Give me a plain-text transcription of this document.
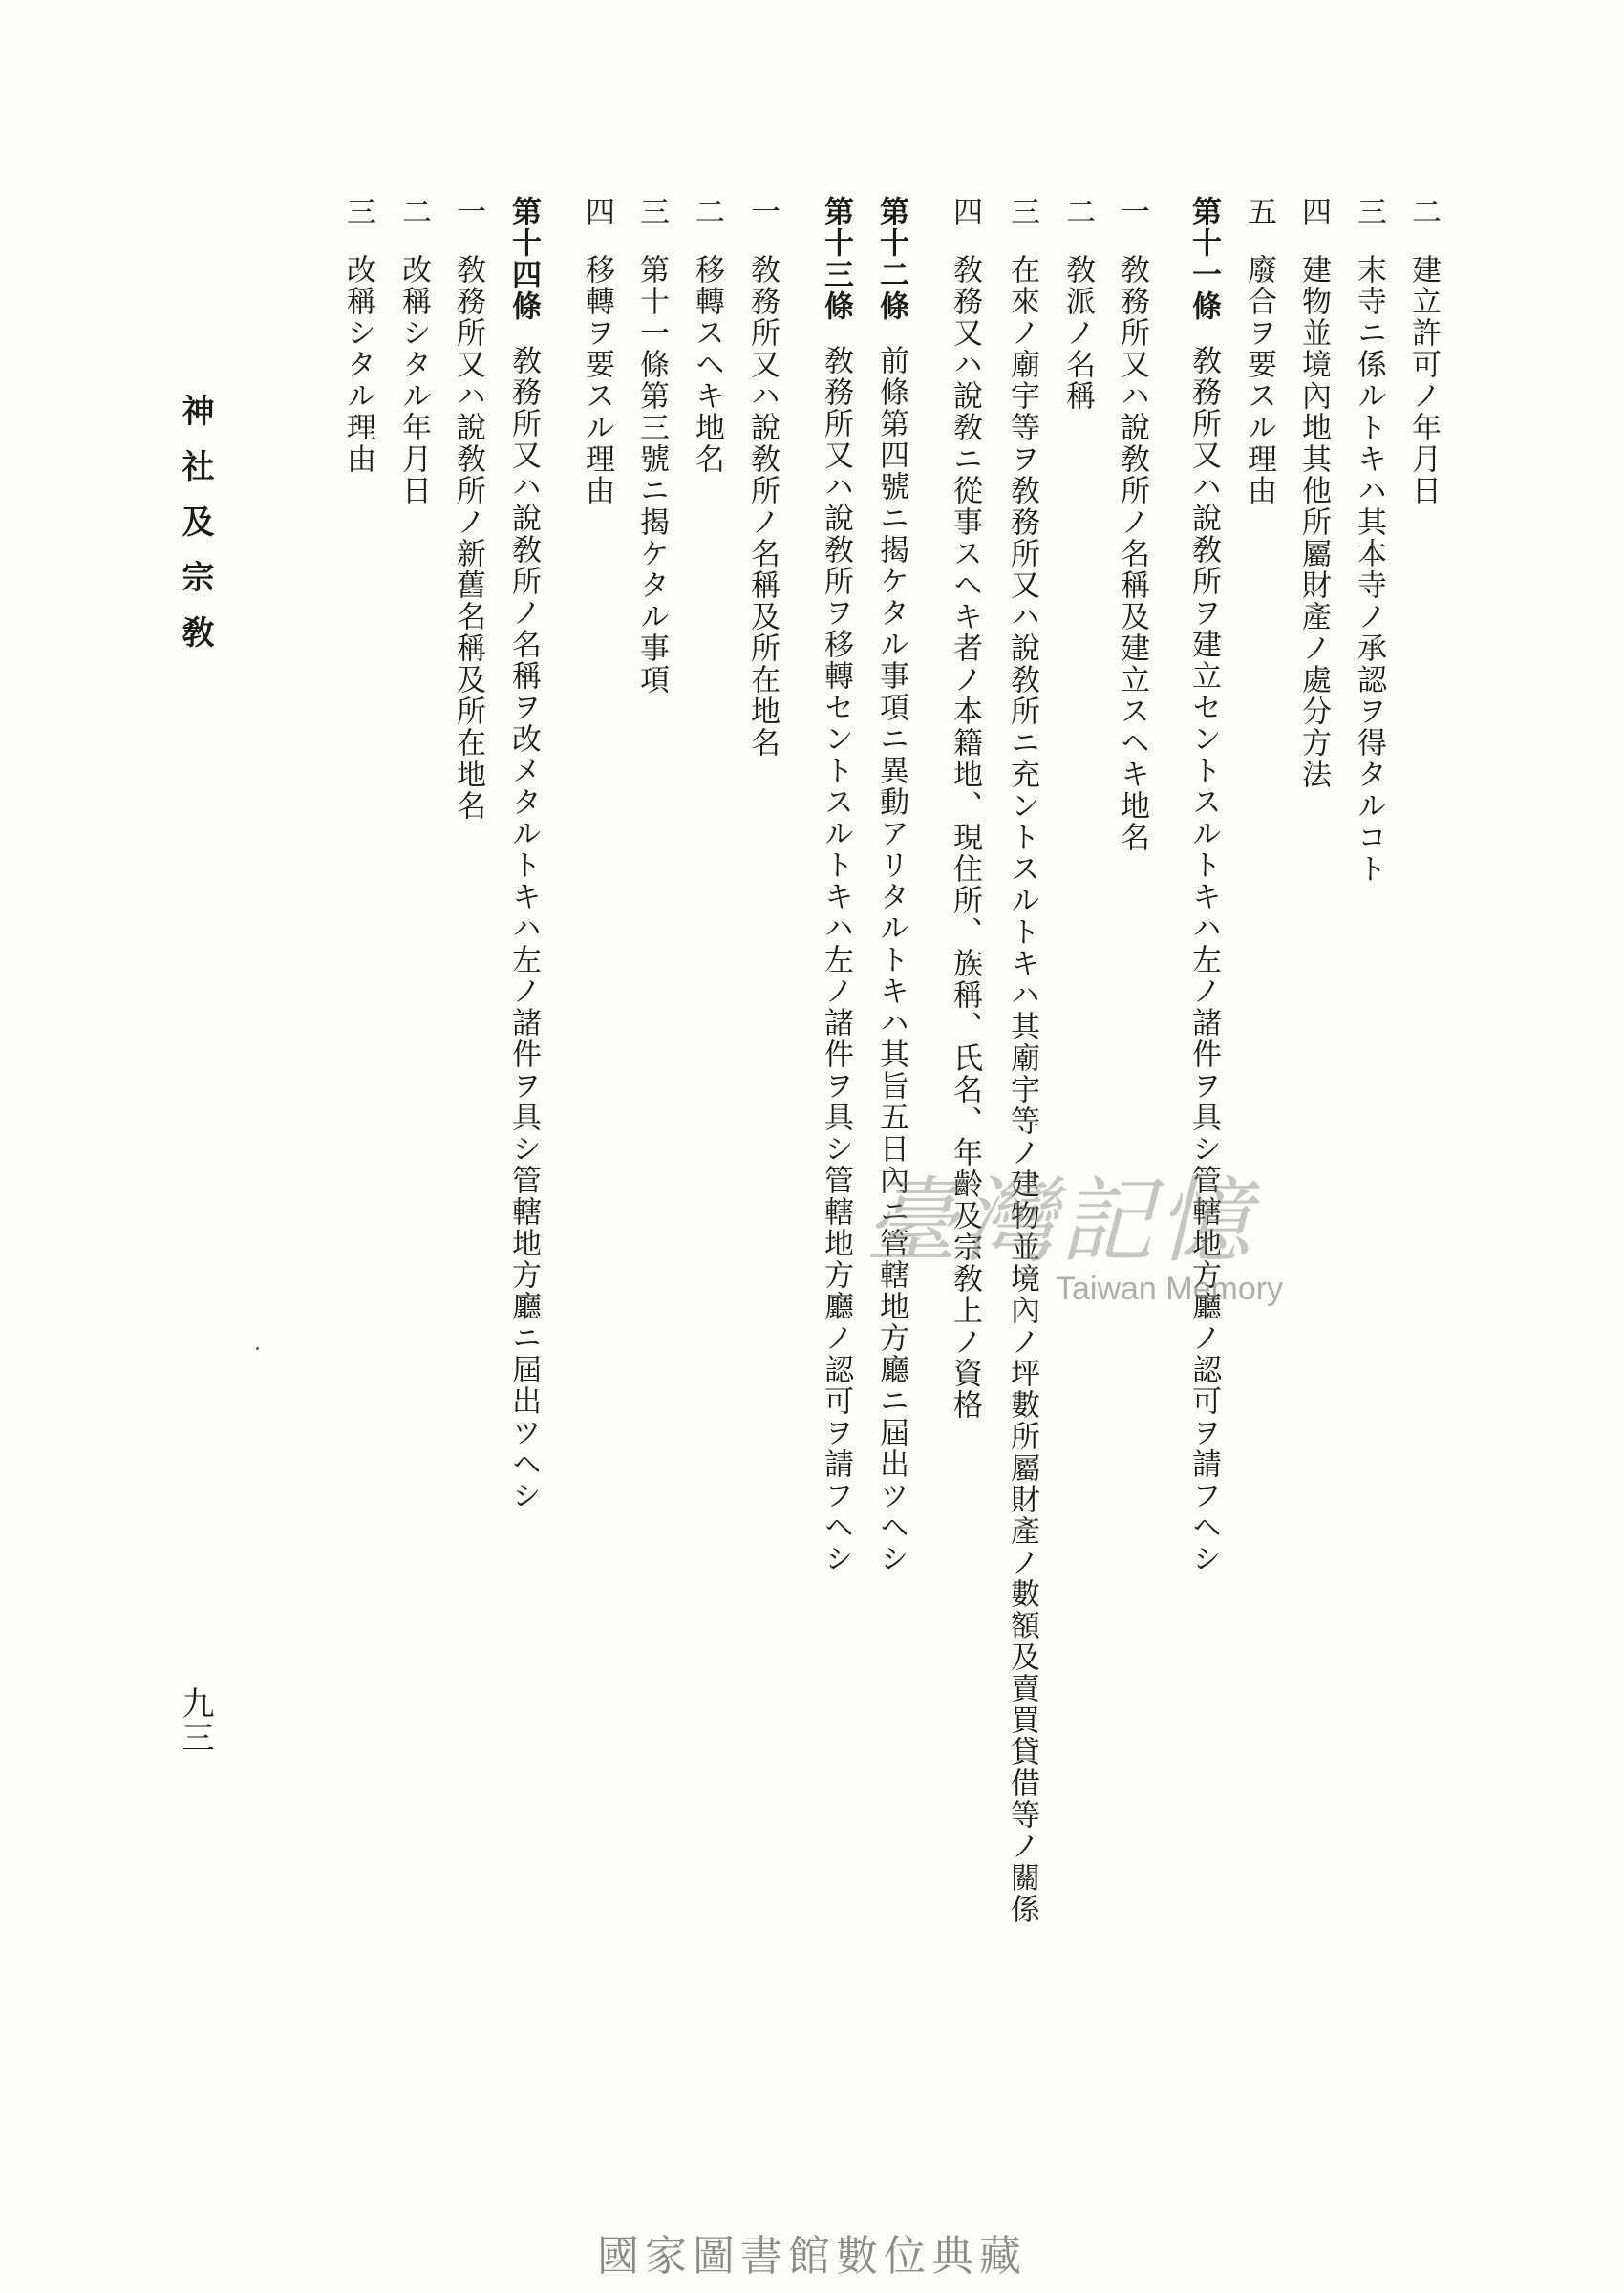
二建立許可ノ年月日
三末寺ニ係ルトキハ其本寺ノ承認ヲ得タルコト
四建物並境內地其他所屬財產ノ處分方法
五廢合ヲ要スル理由
第十一條敎務所又ハ說敎所ヲ建立セントスルトキハ左ノ諸件ヲ具シ管轄地方廳ノ認可ヲ請フヘシ
一敎務所又ハ說敎所ノ名稱及建立スヘキ地名
二敎派ノ名稱
三在來ノ廟宇等ヲ敎務所又ハ說敎所ニ充ントスルトキハ其廟宇等ノ建物並境內ノ坪數所屬財產ノ數額及賣買貸借等ノ關係
四敎務又ハ說敎ニ從事スヘキ者ノ本籍地、現住所、族稱、氏名、年齡及宗敎上ノ資格
第十二條前條第四號ニ揭ケタル事項ニ異動アリタルトキハ其旨五日內ニ管轄地方廳ニ屆出ツヘシ
第十三條敎務所又ハ說敎所ヲ移轉セントスルトキハ左ノ諸件ヲ具シ管轄地方廳ノ認可ヲ請フヘシ
一敎務所又ハ說敎所ノ名稱及所在地名
二移轉スヘキ地名
三第十一條第三號ニ揭ケタル事項
四移轉ヲ要スル理由
第十四條敎務所又ハ說敎所ノ名稱ヲ改メタルトキハ左ノ諸件ヲ具シ管轄地方廳ニ屆出ツヘシ
一敎務所又ハ說敎所ノ新舊名稱及所在地名
二改稱シタル年月日
三改稱シタル理由
神社及宗敎
九三
臺灣記憶
Taiwan Memory
國家圖書館數位典藏
